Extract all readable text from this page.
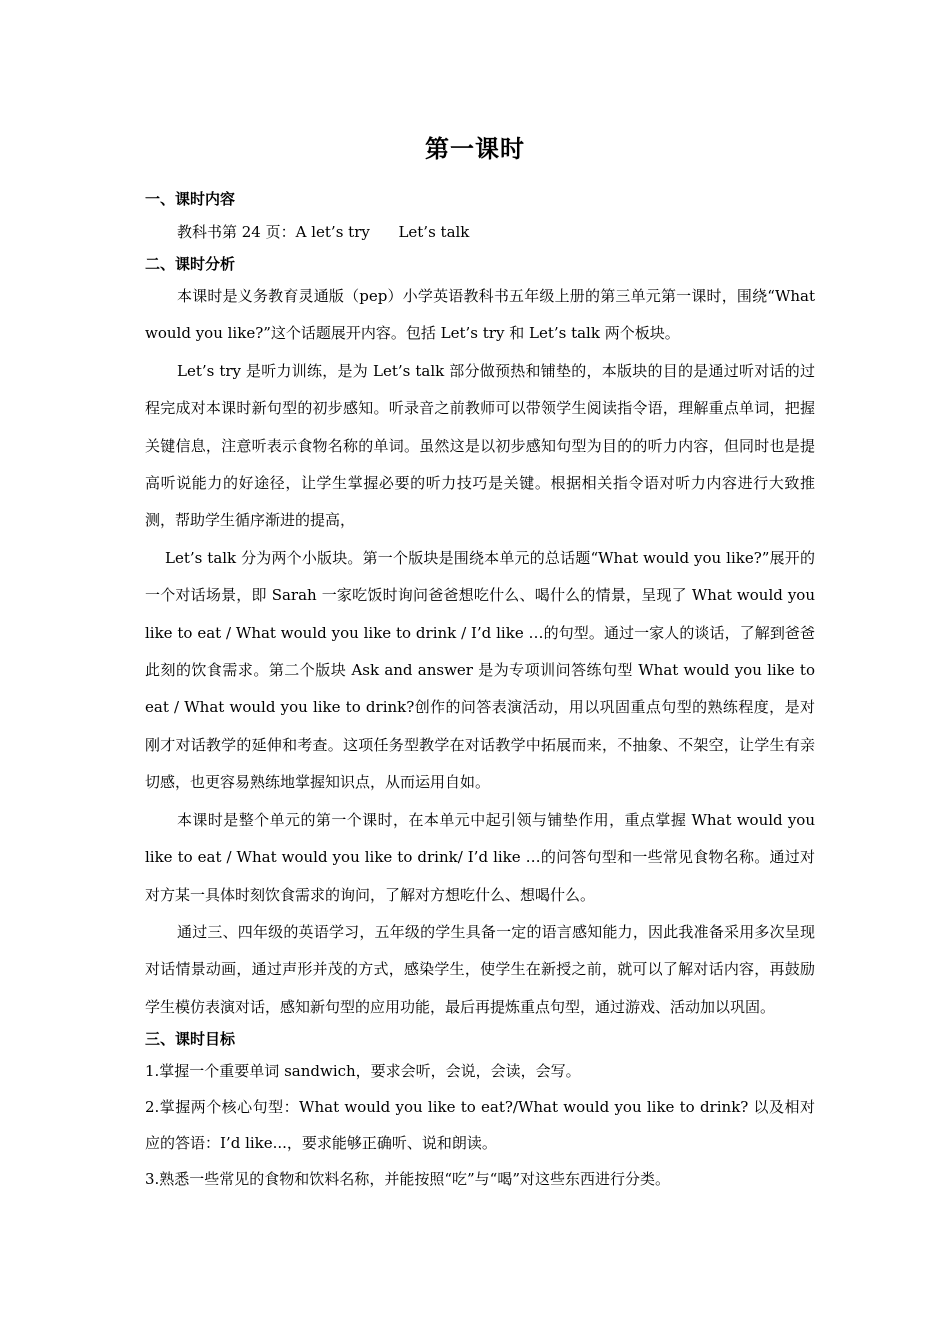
第一课时

一、课时内容

教科书第 24 页：A let’s try      Let’s talk

二、课时分析

本课时是义务教育灵通版（pep）小学英语教科书五年级上册的第三单元第一课时，围绕“What would you like?”这个话题展开内容。包括 Let’s try 和 Let’s talk 两个板块。

Let’s try 是听力训练，是为 Let’s talk 部分做预热和铺垫的，本版块的目的是通过听对话的过程完成对本课时新句型的初步感知。听录音之前教师可以带领学生阅读指令语，理解重点单词，把握关键信息，注意听表示食物名称的单词。虽然这是以初步感知句型为目的的听力内容，但同时也是提高听说能力的好途径，让学生掌握必要的听力技巧是关键。根据相关指令语对听力内容进行大致推测，帮助学生循序渐进的提高，

Let’s talk 分为两个小版块。第一个版块是围绕本单元的总话题“What would you like?”展开的一个对话场景，即 Sarah 一家吃饭时询问爸爸想吃什么、喝什么的情景，呈现了 What would you like to eat / What would you like to drink / I’d like …的句型。通过一家人的谈话，了解到爸爸此刻的饮食需求。第二个版块 Ask and answer 是为专项训问答练句型 What would you like to eat / What would you like to drink?创作的问答表演活动，用以巩固重点句型的熟练程度，是对刚才对话教学的延伸和考查。这项任务型教学在对话教学中拓展而来，不抽象、不架空，让学生有亲切感，也更容易熟练地掌握知识点，从而运用自如。

本课时是整个单元的第一个课时，在本单元中起引领与铺垫作用，重点掌握 What would you like to eat / What would you like to drink/ I’d like …的问答句型和一些常见食物名称。通过对对方某一具体时刻饮食需求的询问，了解对方想吃什么、想喝什么。

通过三、四年级的英语学习，五年级的学生具备一定的语言感知能力，因此我准备采用多次呈现对话情景动画，通过声形并茂的方式，感染学生，使学生在新授之前，就可以了解对话内容，再鼓励学生模仿表演对话，感知新句型的应用功能，最后再提炼重点句型，通过游戏、活动加以巩固。

三、课时目标

1.掌握一个重要单词 sandwich，要求会听，会说，会读，会写。

2.掌握两个核心句型：What would you like to eat?/What would you like to drink? 以及相对应的答语：I’d like...，要求能够正确听、说和朗读。

3.熟悉一些常见的食物和饮料名称，并能按照“吃”与“喝”对这些东西进行分类。
